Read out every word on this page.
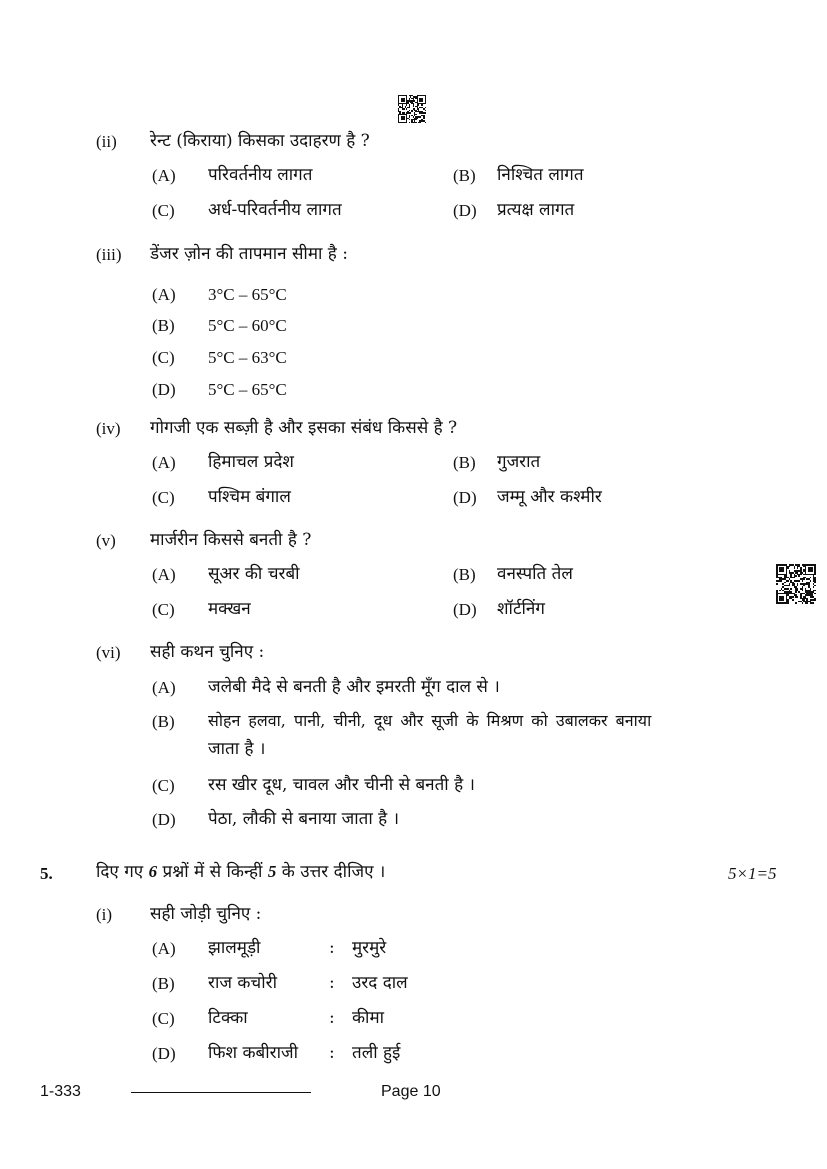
(ii) रेन्ट (किराया) किसका उदाहरण है ?
(A) परिवर्तनीय लागत	(B) निश्चित लागत
(C) अर्ध-परिवर्तनीय लागत	(D) प्रत्यक्ष लागत
(iii) डेंजर ज़ोन की तापमान सीमा है :
(A) 3°C – 65°C
(B) 5°C – 60°C
(C) 5°C – 63°C
(D) 5°C – 65°C
(iv) गोगजी एक सब्ज़ी है और इसका संबंध किससे है ?
(A) हिमाचल प्रदेश	(B) गुजरात
(C) पश्चिम बंगाल	(D) जम्मू और कश्मीर
(v) मार्जरीन किससे बनती है ?
(A) सूअर की चरबी	(B) वनस्पति तेल
(C) मक्खन	(D) शॉर्टनिंग
(vi) सही कथन चुनिए :
(A) जलेबी मैदे से बनती है और इमरती मूँग दाल से ।
(B) सोहन हलवा, पानी, चीनी, दूध और सूजी के मिश्रण को उबालकर बनाया
जाता है ।
(C) रस खीर दूध, चावल और चीनी से बनती है ।
(D) पेठा, लौकी से बनाया जाता है ।
5.	दिए गए 6 प्रश्नों में से किन्हीं 5 के उत्तर दीजिए ।	5×1=5
(i) सही जोड़ी चुनिए :
(A) झालमूड़ी	: मुरमुरे
(B) राज कचोरी	: उरद दाल
(C) टिक्का	: कीमा
(D) फिश कबीराजी : तली हुई
1-333	Page 10
